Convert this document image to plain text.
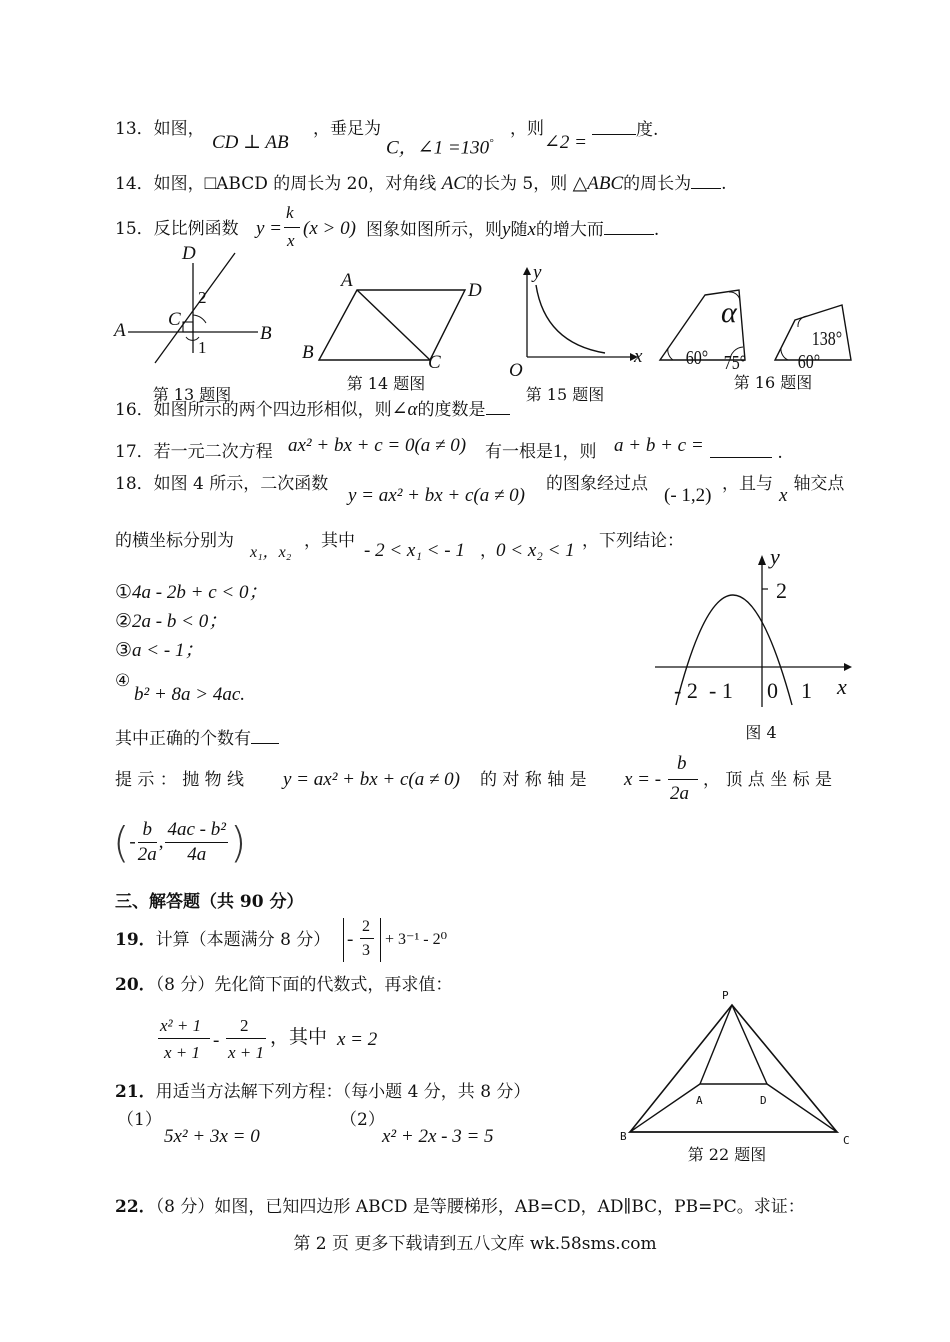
13．如图，
CD ⊥ AB
，垂足为
C，∠1 =130°
，则
∠2 =
度.
14．如图，□ABCD 的周长为 20，对角线 AC的长为 5，则 △ABC的周长为 .
15．反比例函数 y =
k
x
(x > 0) 图象如图所示，则y随x的增大而	.
D
A	B
C
2
1
第 13 题图
A	D
B	C
第 14 题图
y
x
O
第 15 题图
α
60° 75°	60°
138°
第 16 题图
16．如图所示的两个四边形相似，则∠α的度数是
17．若一元二次方程 ax² + bx + c = 0(a ≠ 0) 有一根是1，则 a + b + c =	.
18．如图 4 所示，二次函数
y = ax² + bx + c(a ≠ 0)
的图象经过点
(- 1,2)
，且与x轴交点
的横坐标分别为
x₁，x₂
，其中 - 2 < x₁ < - 1 ， 0 < x₂ < 1 ，下列结论：
①4a - 2b + c < 0；
②2a - b < 0；
③a < - 1；
④
b² + 8a > 4ac.
其中正确的个数有
y
2
- 2 - 1 0 1 x
图 4
提 示 ： 抛 物 线 y = ax² + bx + c(a ≠ 0) 的 对 称 轴 是 x = -
b
2a
， 顶 点 坐 标 是
(- $\frac{b}{2a}$ , $\frac{\text{4ac - b²}}{4a}$ )
三、解答题（共 90 分）
19．计算（本题满分 8 分） -
2
3
+ 3⁻¹ - 2⁰
20．（8 分）先化简下面的代数式，再求值：
x² + 1
x + 1
-
2
x + 1
，其中 x = 2
21．用适当方法解下列方程：（每小题 4 分，共 8 分）
（1）
5x² + 3x = 0
（2）
x² + 2x - 3 = 5
P
A	D
B	C
第 22 题图
22．（8 分）如图，已知四边形 ABCD 是等腰梯形，AB=CD，AD∥BC，PB=PC。求证：
第 2 页 更多下载请到五八文库 wk.58sms.com
